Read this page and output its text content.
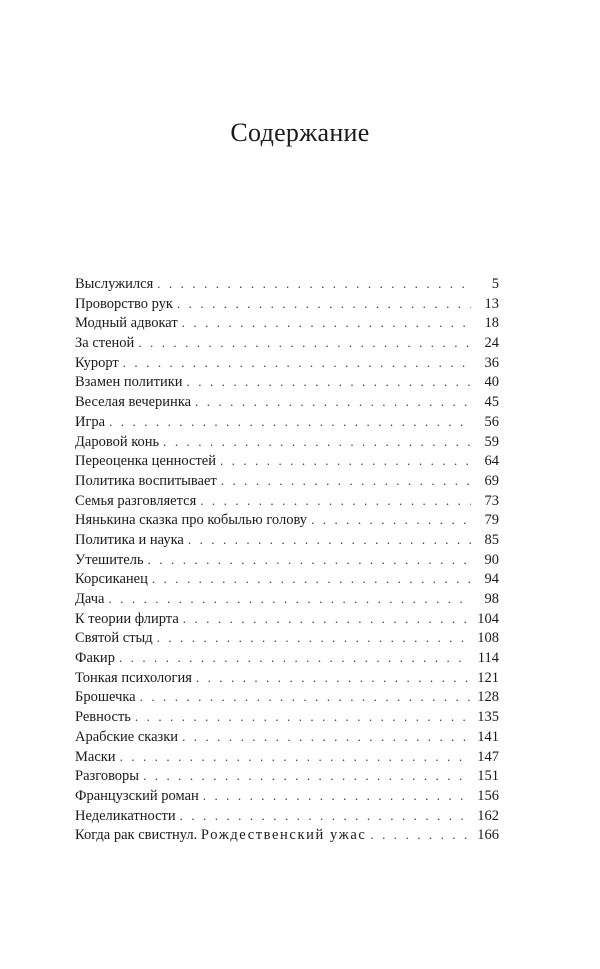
Содержание
Выслужился . . .	5
Проворство рук . . .	13
Модный адвокат . . .	18
За стеной . . .	24
Курорт . . .	36
Взамен политики . . .	40
Веселая вечеринка . . .	45
Игра . . .	56
Даровой конь . . .	59
Переоценка ценностей . . .	64
Политика воспитывает . . .	69
Семья разговляется . . .	73
Нянькина сказка про кобылью голову . . .	79
Политика и наука . . .	85
Утешитель . . .	90
Корсиканец . . .	94
Дача . . .	98
К теории флирта . . .	104
Святой стыд . . .	108
Факир . . .	114
Тонкая психология . . .	121
Брошечка . . .	128
Ревность . . .	135
Арабские сказки . . .	141
Маски . . .	147
Разговоры . . .	151
Французский роман . . .	156
Неделикатности . . .	162
Когда рак свистнул. Рождественский ужас . . .	166
